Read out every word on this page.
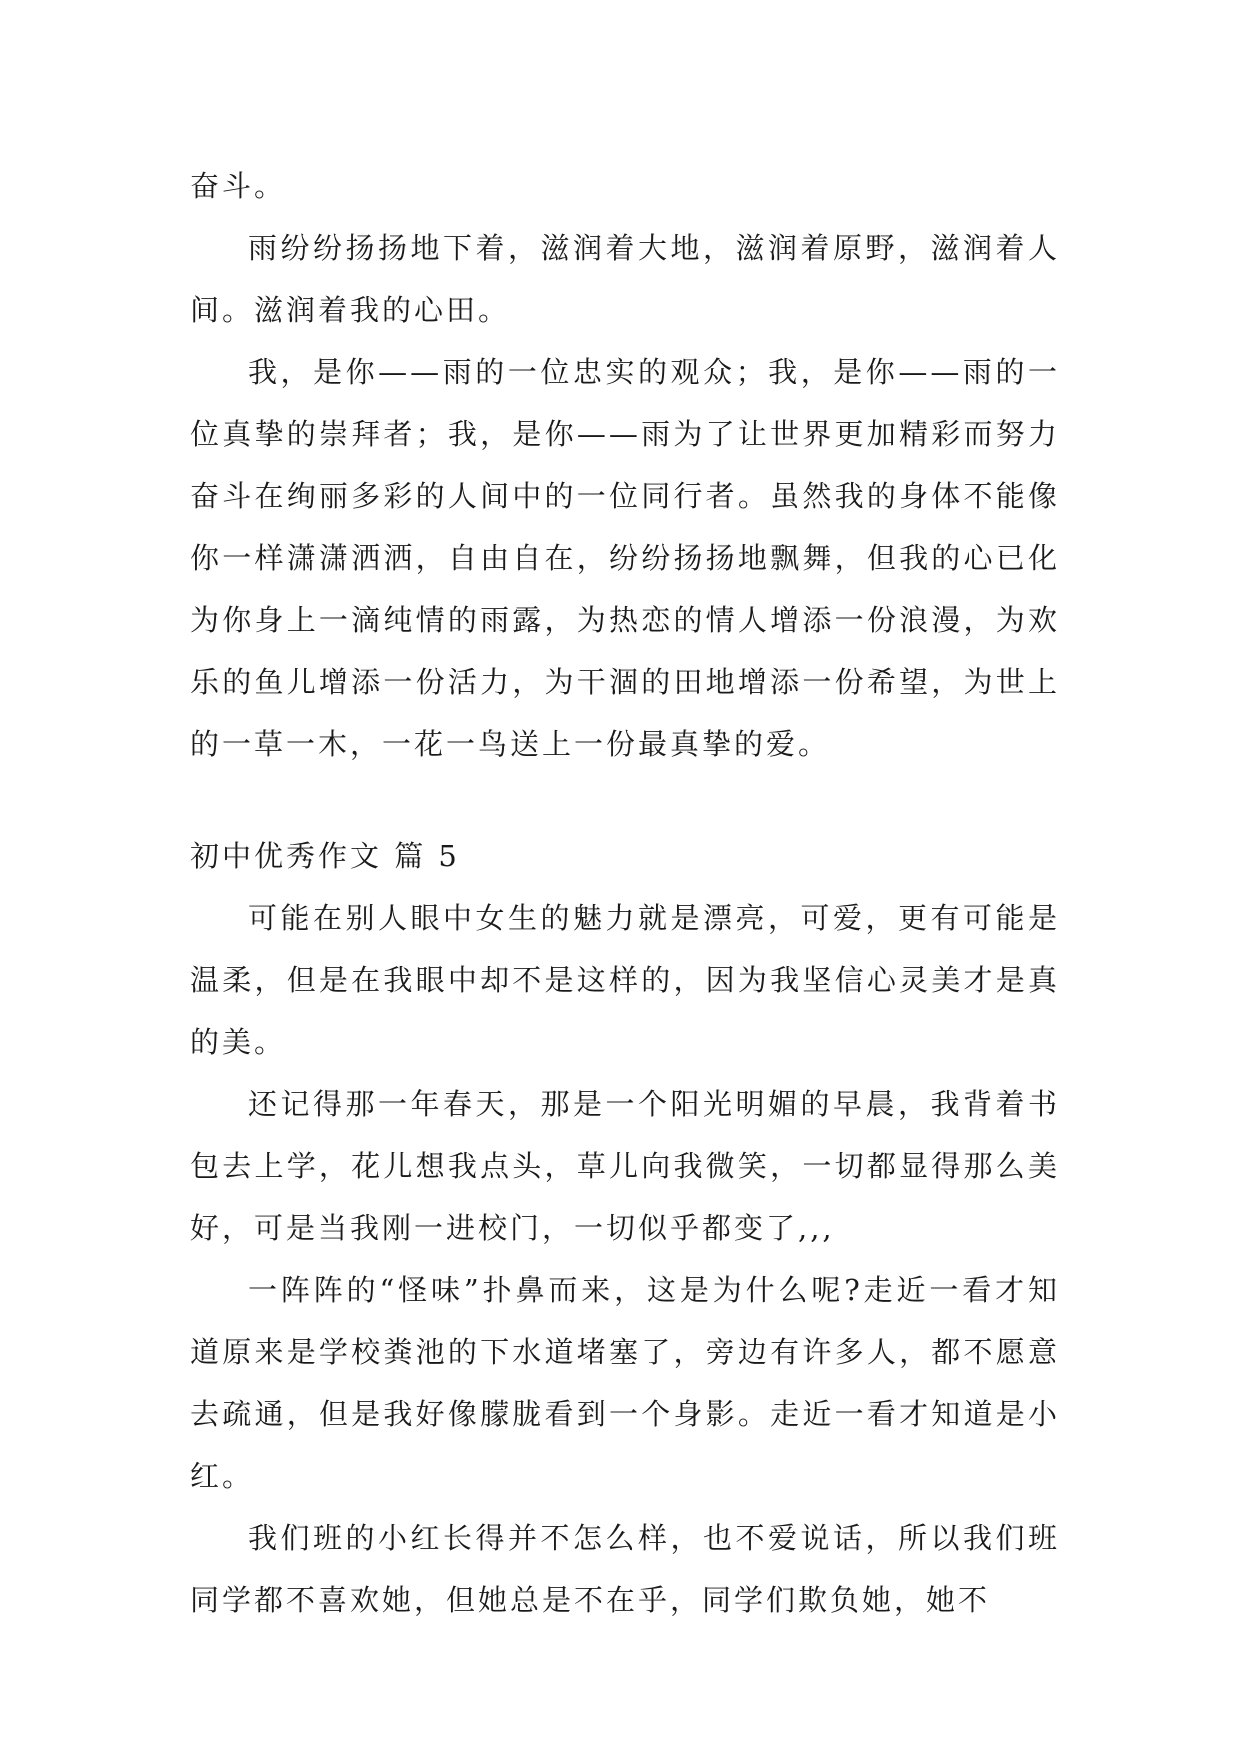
奋斗。

雨纷纷扬扬地下着，滋润着大地，滋润着原野，滋润着人间。滋润着我的心田。

我，是你——雨的一位忠实的观众；我，是你——雨的一位真挚的崇拜者；我，是你——雨为了让世界更加精彩而努力奋斗在绚丽多彩的人间中的一位同行者。虽然我的身体不能像你一样潇潇洒洒，自由自在，纷纷扬扬地飘舞，但我的心已化为你身上一滴纯情的雨露，为热恋的情人增添一份浪漫，为欢乐的鱼儿增添一份活力，为干涸的田地增添一份希望，为世上的一草一木，一花一鸟送上一份最真挚的爱。

初中优秀作文 篇 5

可能在别人眼中女生的魅力就是漂亮，可爱，更有可能是温柔，但是在我眼中却不是这样的，因为我坚信心灵美才是真的美。

还记得那一年春天，那是一个阳光明媚的早晨，我背着书包去上学，花儿想我点头，草儿向我微笑，一切都显得那么美好，可是当我刚一进校门，一切似乎都变了,,,

一阵阵的“怪味”扑鼻而来，这是为什么呢?走近一看才知道原来是学校粪池的下水道堵塞了，旁边有许多人，都不愿意去疏通，但是我好像朦胧看到一个身影。走近一看才知道是小红。

我们班的小红长得并不怎么样，也不爱说话，所以我们班同学都不喜欢她，但她总是不在乎，同学们欺负她，她不
